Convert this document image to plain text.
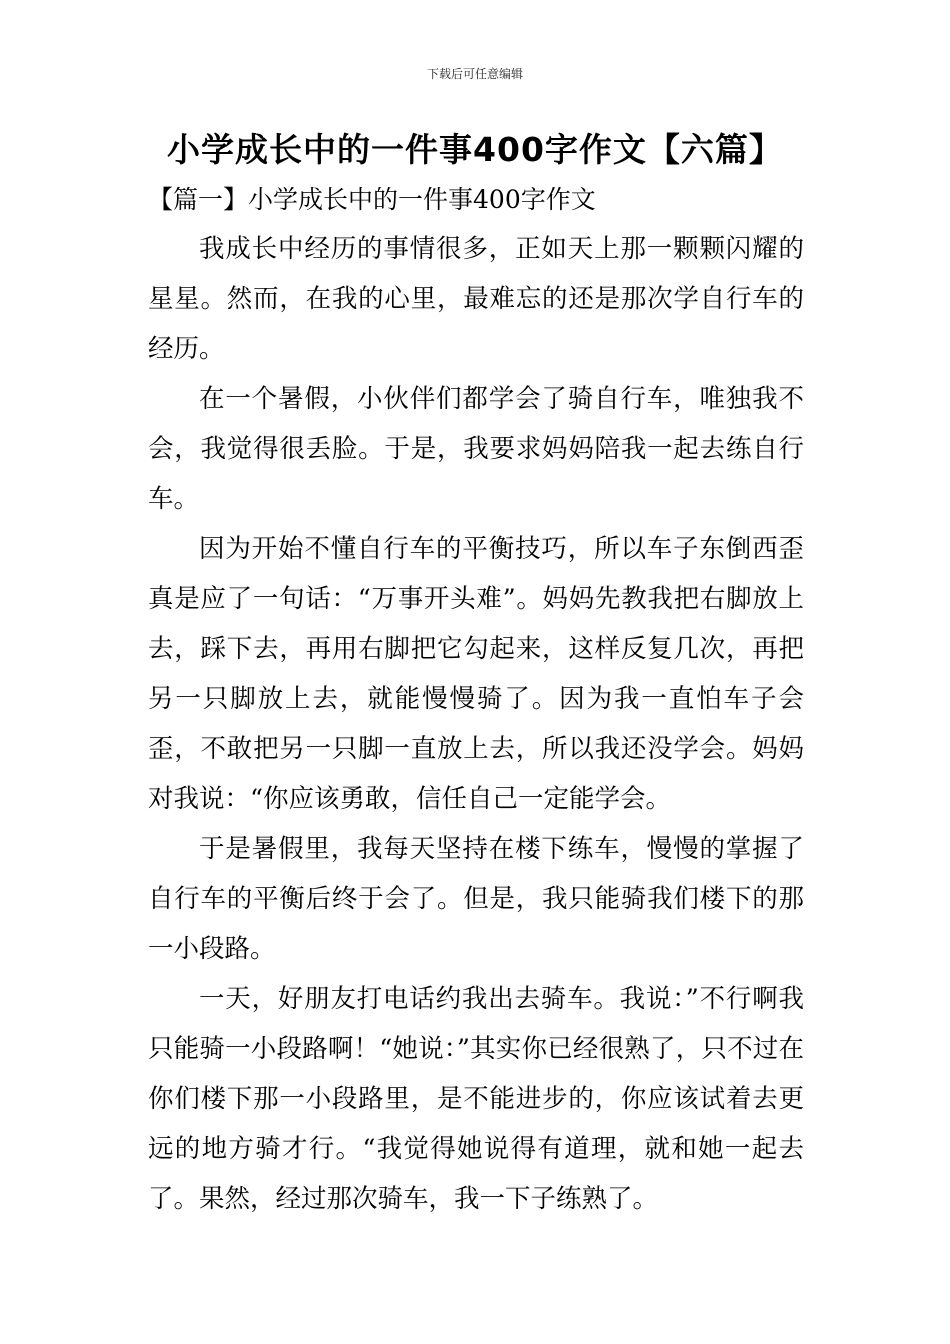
下载后可任意编辑
小学成长中的一件事400字作文【六篇】
【篇一】小学成长中的一件事400字作文

我成长中经历的事情很多，正如天上那一颗颗闪耀的星星。然而，在我的心里，最难忘的还是那次学自行车的经历。

在一个暑假，小伙伴们都学会了骑自行车，唯独我不会，我觉得很丢脸。于是，我要求妈妈陪我一起去练自行车。

因为开始不懂自行车的平衡技巧，所以车子东倒西歪真是应了一句话：“万事开头难”。妈妈先教我把右脚放上去，踩下去，再用右脚把它勾起来，这样反复几次，再把另一只脚放上去，就能慢慢骑了。因为我一直怕车子会歪，不敢把另一只脚一直放上去，所以我还没学会。妈妈对我说：“你应该勇敢，信任自己一定能学会。

于是暑假里，我每天坚持在楼下练车，慢慢的掌握了自行车的平衡后终于会了。但是，我只能骑我们楼下的那一小段路。

一天，好朋友打电话约我出去骑车。我说：”不行啊我只能骑一小段路啊！“她说：”其实你已经很熟了，只不过在你们楼下那一小段路里，是不能进步的，你应该试着去更远的地方骑才行。“我觉得她说得有道理，就和她一起去了。果然，经过那次骑车，我一下子练熟了。
